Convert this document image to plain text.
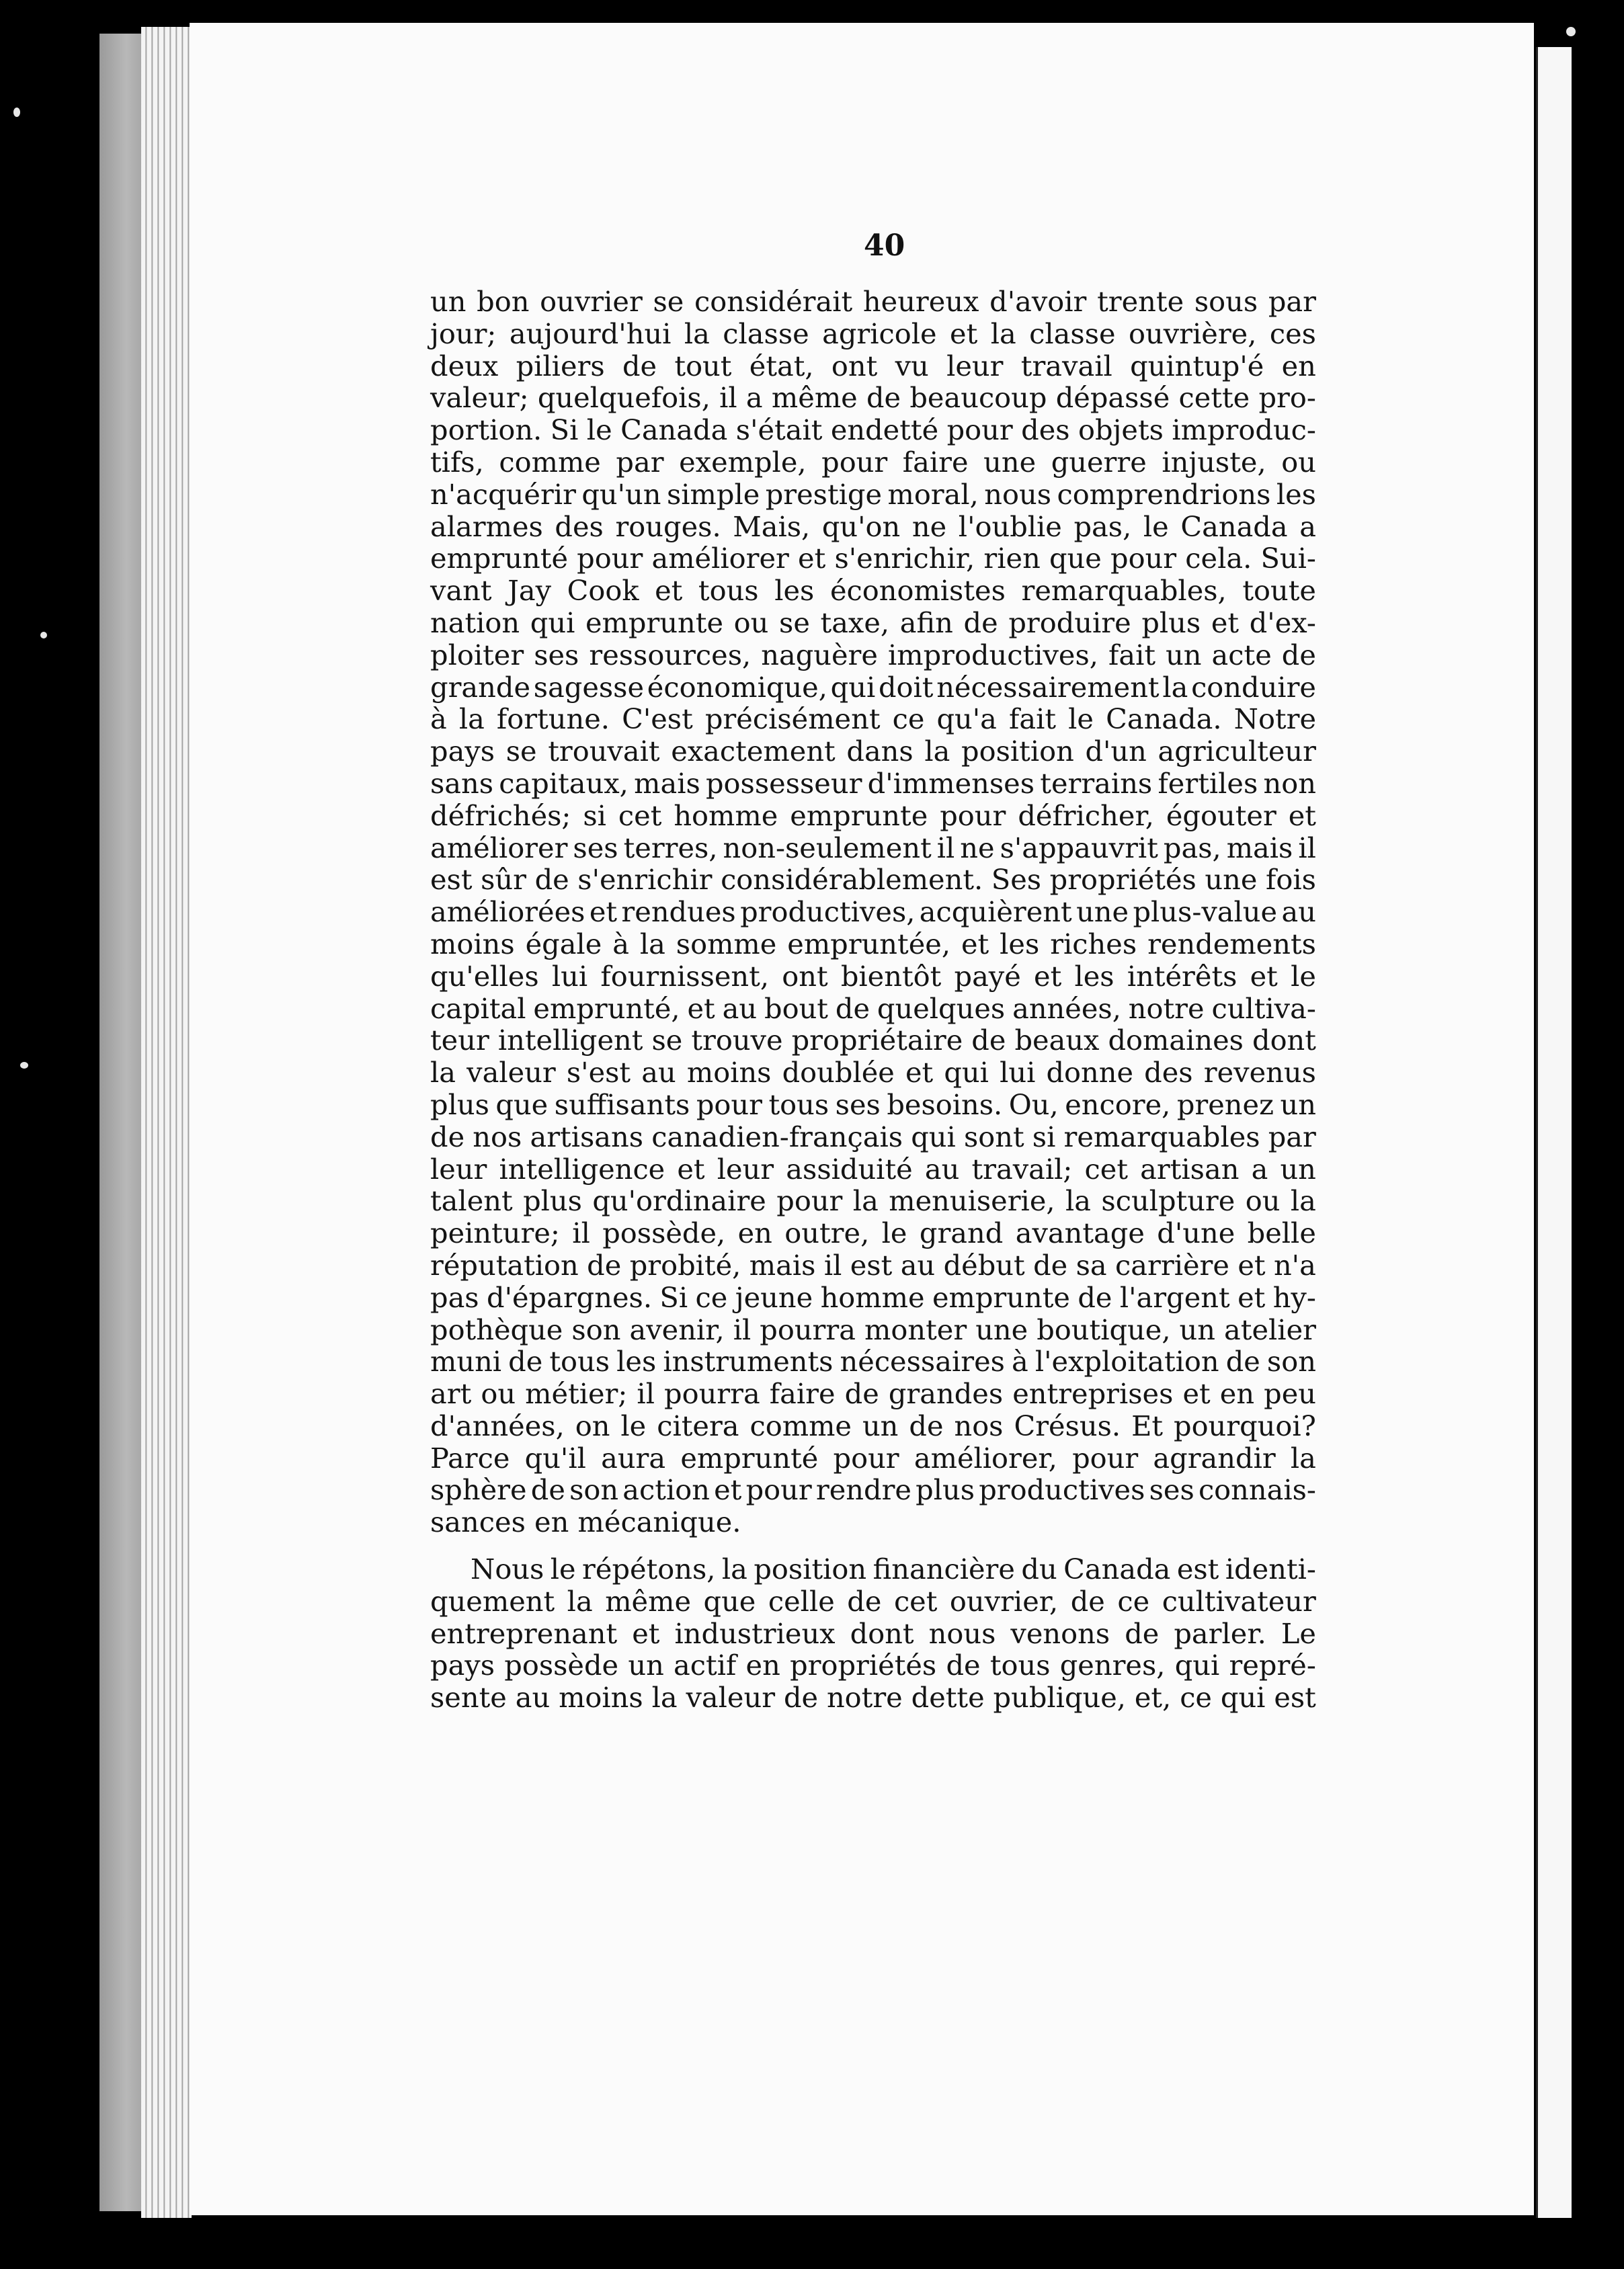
40
un bon ouvrier se considérait heureux d'avoir trente sous par
jour; aujourd'hui la classe agricole et la classe ouvrière, ces
deux piliers de tout état, ont vu leur travail quintup'é en
valeur; quelquefois, il a même de beaucoup dépassé cette pro-
portion. Si le Canada s'était endetté pour des objets improduc-
tifs, comme par exemple, pour faire une guerre injuste, ou
n'acquérir qu'un simple prestige moral, nous comprendrions les
alarmes des rouges. Mais, qu'on ne l'oublie pas, le Canada a
emprunté pour améliorer et s'enrichir, rien que pour cela. Sui-
vant Jay Cook et tous les économistes remarquables, toute
nation qui emprunte ou se taxe, afin de produire plus et d'ex-
ploiter ses ressources, naguère improductives, fait un acte de
grande sagesse économique, qui doit nécessairement la conduire
à la fortune. C'est précisément ce qu'a fait le Canada. Notre
pays se trouvait exactement dans la position d'un agriculteur
sans capitaux, mais possesseur d'immenses terrains fertiles non
défrichés; si cet homme emprunte pour défricher, égouter et
améliorer ses terres, non-seulement il ne s'appauvrit pas, mais il
est sûr de s'enrichir considérablement. Ses propriétés une fois
améliorées et rendues productives, acquièrent une plus-value au
moins égale à la somme empruntée, et les riches rendements
qu'elles lui fournissent, ont bientôt payé et les intérêts et le
capital emprunté, et au bout de quelques années, notre cultiva-
teur intelligent se trouve propriétaire de beaux domaines dont
la valeur s'est au moins doublée et qui lui donne des revenus
plus que suffisants pour tous ses besoins. Ou, encore, prenez un
de nos artisans canadien-français qui sont si remarquables par
leur intelligence et leur assiduité au travail; cet artisan a un
talent plus qu'ordinaire pour la menuiserie, la sculpture ou la
peinture; il possède, en outre, le grand avantage d'une belle
réputation de probité, mais il est au début de sa carrière et n'a
pas d'épargnes. Si ce jeune homme emprunte de l'argent et hy-
pothèque son avenir, il pourra monter une boutique, un atelier
muni de tous les instruments nécessaires à l'exploitation de son
art ou métier; il pourra faire de grandes entreprises et en peu
d'années, on le citera comme un de nos Crésus. Et pourquoi?
Parce qu'il aura emprunté pour améliorer, pour agrandir la
sphère de son action et pour rendre plus productives ses connais-
sances en mécanique.
Nous le répétons, la position financière du Canada est identi-
quement la même que celle de cet ouvrier, de ce cultivateur
entreprenant et industrieux dont nous venons de parler. Le
pays possède un actif en propriétés de tous genres, qui repré-
sente au moins la valeur de notre dette publique, et, ce qui est
